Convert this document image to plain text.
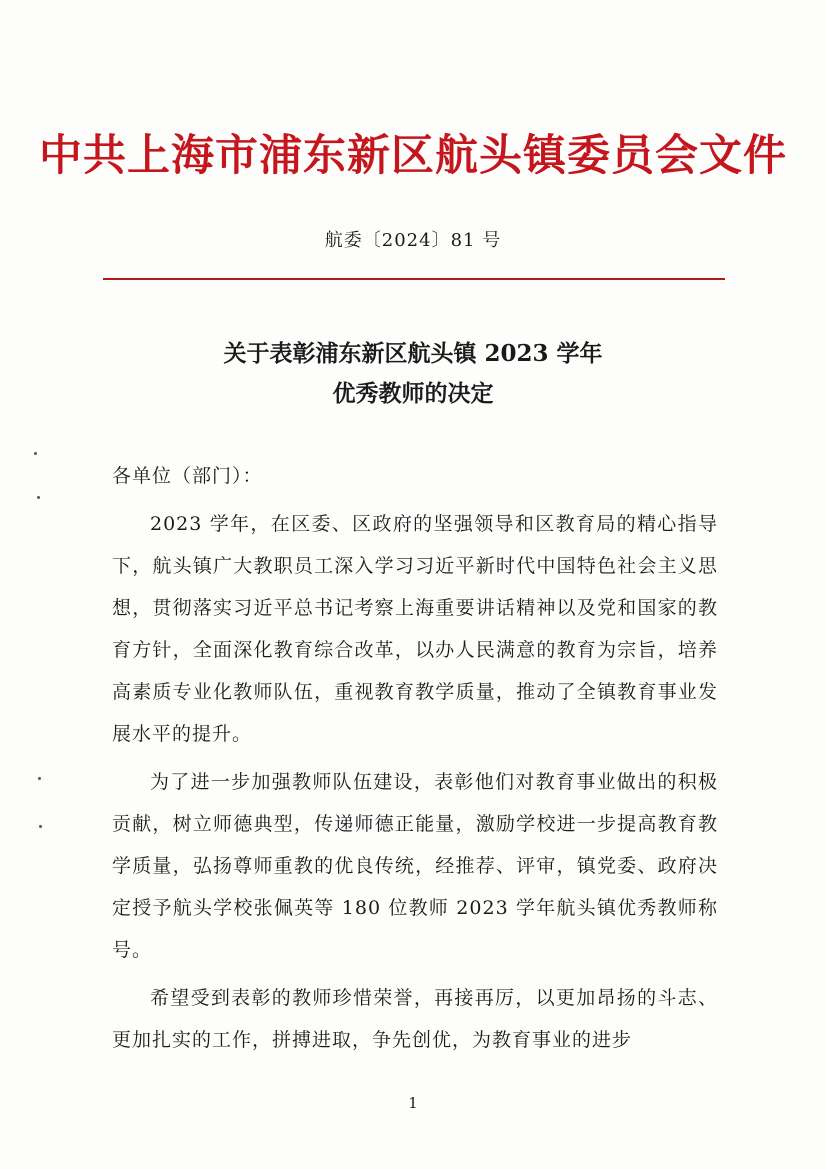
中共上海市浦东新区航头镇委员会文件
航委〔2024〕81 号
关于表彰浦东新区航头镇 2023 学年
优秀教师的决定

各单位（部门）：

2023 学年，在区委、区政府的坚强领导和区教育局的精心指导下，航头镇广大教职员工深入学习习近平新时代中国特色社会主义思想，贯彻落实习近平总书记考察上海重要讲话精神以及党和国家的教育方针，全面深化教育综合改革，以办人民满意的教育为宗旨，培养高素质专业化教师队伍，重视教育教学质量，推动了全镇教育事业发展水平的提升。

为了进一步加强教师队伍建设，表彰他们对教育事业做出的积极贡献，树立师德典型，传递师德正能量，激励学校进一步提高教育教学质量，弘扬尊师重教的优良传统，经推荐、评审，镇党委、政府决定授予航头学校张佩英等 180 位教师 2023 学年航头镇优秀教师称号。

希望受到表彰的教师珍惜荣誉，再接再厉，以更加昂扬的斗志、更加扎实的工作，拼搏进取，争先创优，为教育事业的进步

1
